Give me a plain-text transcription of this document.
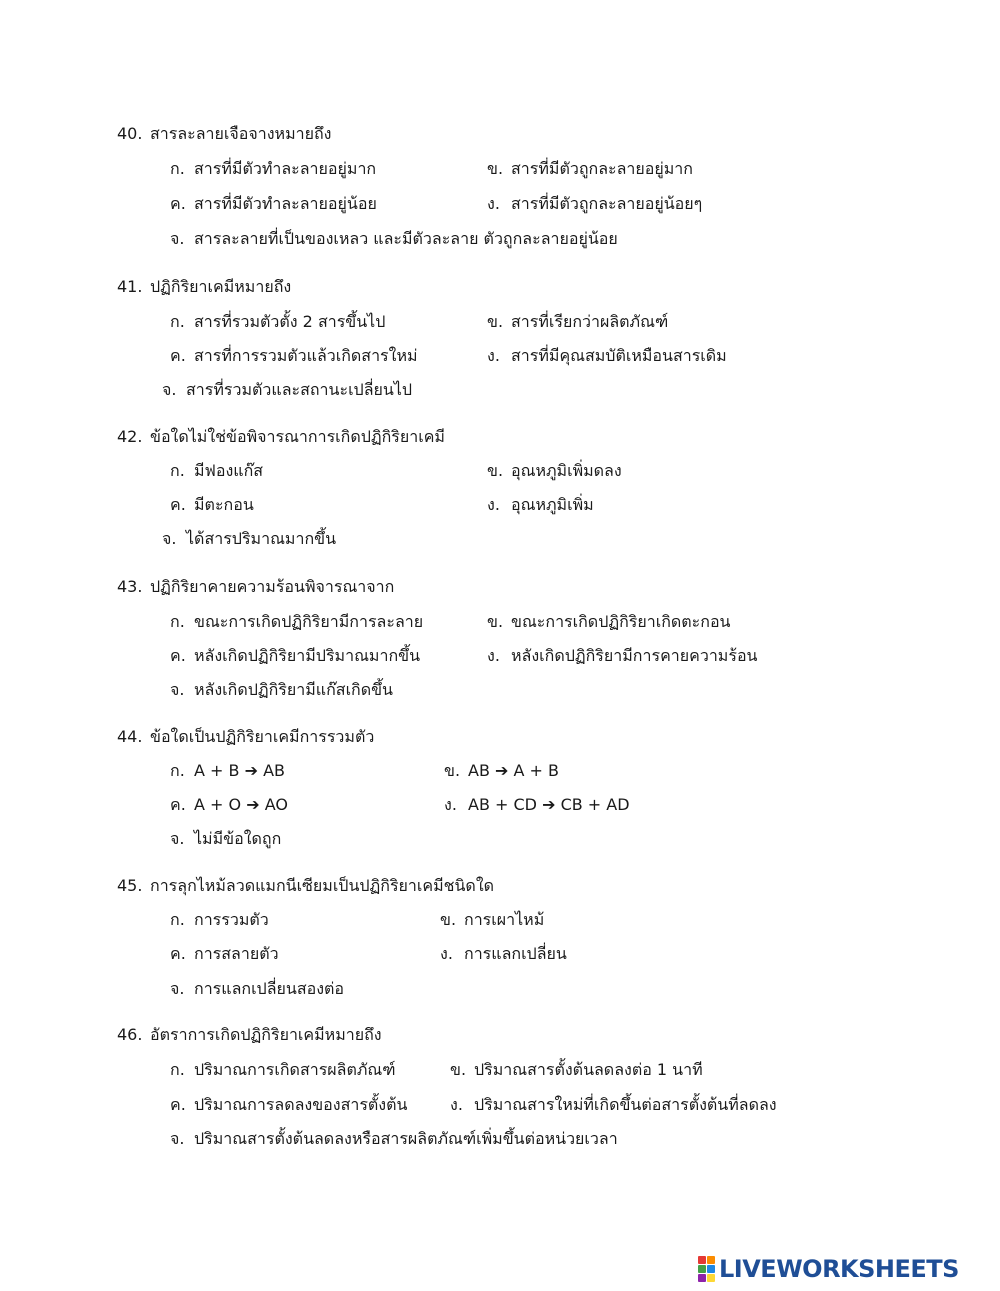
40. สารละลายเจือจางหมายถึง
ก. สารที่มีตัวทำละลายอยู่มาก	ข. สารที่มีตัวถูกละลายอยู่มาก
ค. สารที่มีตัวทำละลายอยู่น้อย	ง. สารที่มีตัวถูกละลายอยู่น้อยๆ
จ. สารละลายที่เป็นของเหลว และมีตัวละลาย ตัวถูกละลายอยู่น้อย
41. ปฏิกิริยาเคมีหมายถึง
ก. สารที่รวมตัวตั้ง 2 สารขึ้นไป	ข. สารที่เรียกว่าผลิตภัณฑ์
ค. สารที่การรวมตัวแล้วเกิดสารใหม่	ง. สารที่มีคุณสมบัติเหมือนสารเดิม
จ. สารที่รวมตัวและสถานะเปลี่ยนไป
42. ข้อใดไม่ใช่ข้อพิจารณาการเกิดปฏิกิริยาเคมี
ก. มีฟองแก๊ส	ข. อุณหภูมิเพิ่มดลง
ค. มีตะกอน	ง. อุณหภูมิเพิ่ม
จ. ได้สารปริมาณมากขึ้น
43. ปฏิกิริยาคายความร้อนพิจารณาจาก
ก. ขณะการเกิดปฏิกิริยามีการละลาย	ข. ขณะการเกิดปฏิกิริยาเกิดตะกอน
ค. หลังเกิดปฏิกิริยามีปริมาณมากขึ้น	ง. หลังเกิดปฏิกิริยามีการคายความร้อน
จ. หลังเกิดปฏิกิริยามีแก๊สเกิดขึ้น
44. ข้อใดเป็นปฏิกิริยาเคมีการรวมตัว
ก. A + B ➔ AB	ข. AB ➔ A + B
ค. A + O ➔ AO	ง. AB + CD ➔ CB + AD
จ. ไม่มีข้อใดถูก
45. การลุกไหม้ลวดแมกนีเซียมเป็นปฏิกิริยาเคมีชนิดใด
ก. การรวมตัว	ข. การเผาไหม้
ค. การสลายตัว	ง. การแลกเปลี่ยน
จ. การแลกเปลี่ยนสองต่อ
46. อัตราการเกิดปฏิกิริยาเคมีหมายถึง
ก. ปริมาณการเกิดสารผลิตภัณฑ์	ข. ปริมาณสารตั้งต้นลดลงต่อ 1 นาที
ค. ปริมาณการลดลงของสารตั้งต้น	ง. ปริมาณสารใหม่ที่เกิดขึ้นต่อสารตั้งต้นที่ลดลง
จ. ปริมาณสารตั้งต้นลดลงหรือสารผลิตภัณฑ์เพิ่มขึ้นต่อหน่วยเวลา
LIVEWORKSHEETS
